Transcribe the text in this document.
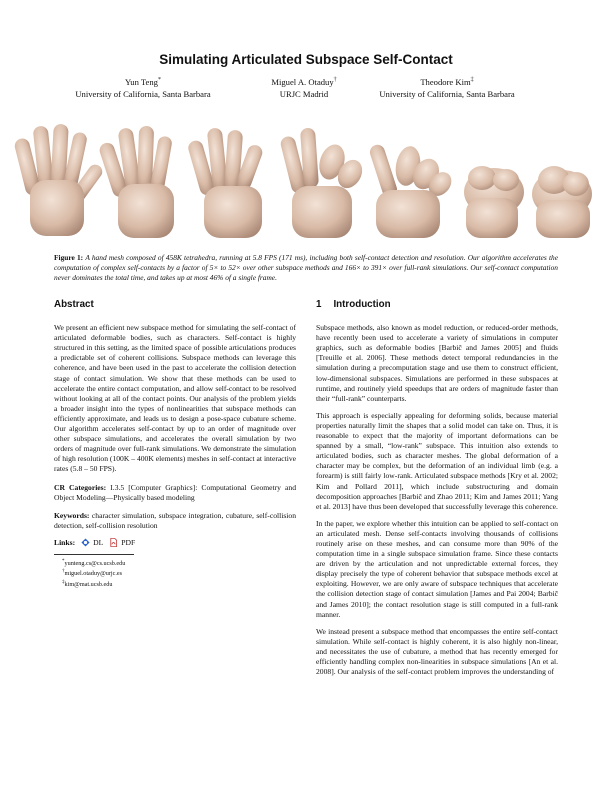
Simulating Articulated Subspace Self-Contact
Yun Teng*
University of California, Santa Barbara
Miguel A. Otaduy†
URJC Madrid
Theodore Kim‡
University of California, Santa Barbara
Figure 1: A hand mesh composed of 458K tetrahedra, running at 5.8 FPS (171 ms), including both self-contact detection and resolution. Our algorithm accelerates the computation of complex self-contacts by a factor of 5× to 52× over other subspace methods and 166× to 391× over full-rank simulations. Our self-contact computation never dominates the total time, and takes up at most 46% of a single frame.
Abstract

We present an efficient new subspace method for simulating the self-contact of articulated deformable bodies, such as characters. Self-contact is highly structured in this setting, as the limited space of possible articulations produces a predictable set of coherent collisions. Subspace methods can leverage this coherence, and have been used in the past to accelerate the collision detection stage of contact simulation. We show that these methods can be used to accelerate the entire contact computation, and allow self-contact to be resolved without looking at all of the contact points. Our analysis of the problem yields a broader insight into the types of nonlinearities that subspace methods can efficiently approximate, and leads us to design a pose-space cubature scheme. Our algorithm accelerates self-contact by up to an order of magnitude over other subspace simulations, and accelerates the overall simulation by two orders of magnitude over full-rank simulations. We demonstrate the simulation of high resolution (100K – 400K elements) meshes in self-contact at interactive rates (5.8 – 50 FPS).

CR Categories: I.3.5 [Computer Graphics]: Computational Geometry and Object Modeling—Physically based modeling

Keywords: character simulation, subspace integration, cubature, self-collision detection, self-collision resolution

Links: DL PDF
*yunteng.cs@cs.ucsb.edu
†miguel.otaduy@urjc.es
‡kim@mat.ucsb.edu
1 Introduction

Subspace methods, also known as model reduction, or reduced-order methods, have recently been used to accelerate a variety of simulations in computer graphics, such as deformable bodies [Barbič and James 2005] and fluids [Treuille et al. 2006]. These methods detect temporal redundancies in the simulation during a precomputation stage and use them to construct efficient, low-dimensional subspaces. Simulations are performed in these subspaces at runtime, and routinely yield speedups that are orders of magnitude faster than their “full-rank” counterparts.

This approach is especially appealing for deforming solids, because material properties naturally limit the shapes that a solid model can take on. Thus, it is reasonable to expect that the majority of important deformations can be spanned by a small, “low-rank” subspace. This intuition also extends to articulated bodies, such as character meshes. The global deformation of a character may be complex, but the deformation of an individual limb (e.g. a forearm) is still fairly low-rank. Articulated subspace methods [Kry et al. 2002; Kim and Pollard 2011], which include substructuring and domain decomposition approaches [Barbič and Zhao 2011; Kim and James 2011; Yang et al. 2013] have thus been developed that successfully leverage this coherence.

In the paper, we explore whether this intuition can be applied to self-contact on an articulated mesh. Dense self-contacts involving thousands of collisions routinely arise on these meshes, and can consume more than 90% of the computation time in a single subspace simulation frame. Since these contacts are driven by the articulation and not unpredictable external forces, they display precisely the type of coherent behavior that subspace methods excel at exploiting. However, we are only aware of subspace techniques that accelerate the collision detection stage of contact simulation [James and Pai 2004; Barbič and James 2010]; the contact resolution stage is still computed in a full-rank manner.

We instead present a subspace method that encompasses the entire self-contact simulation. While self-contact is highly coherent, it is also highly non-linear, and necessitates the use of cubature, a method that has recently emerged for efficiently handling complex non-linearities in subspace simulations [An et al. 2008]. Our analysis of the self-contact problem improves the understanding of
